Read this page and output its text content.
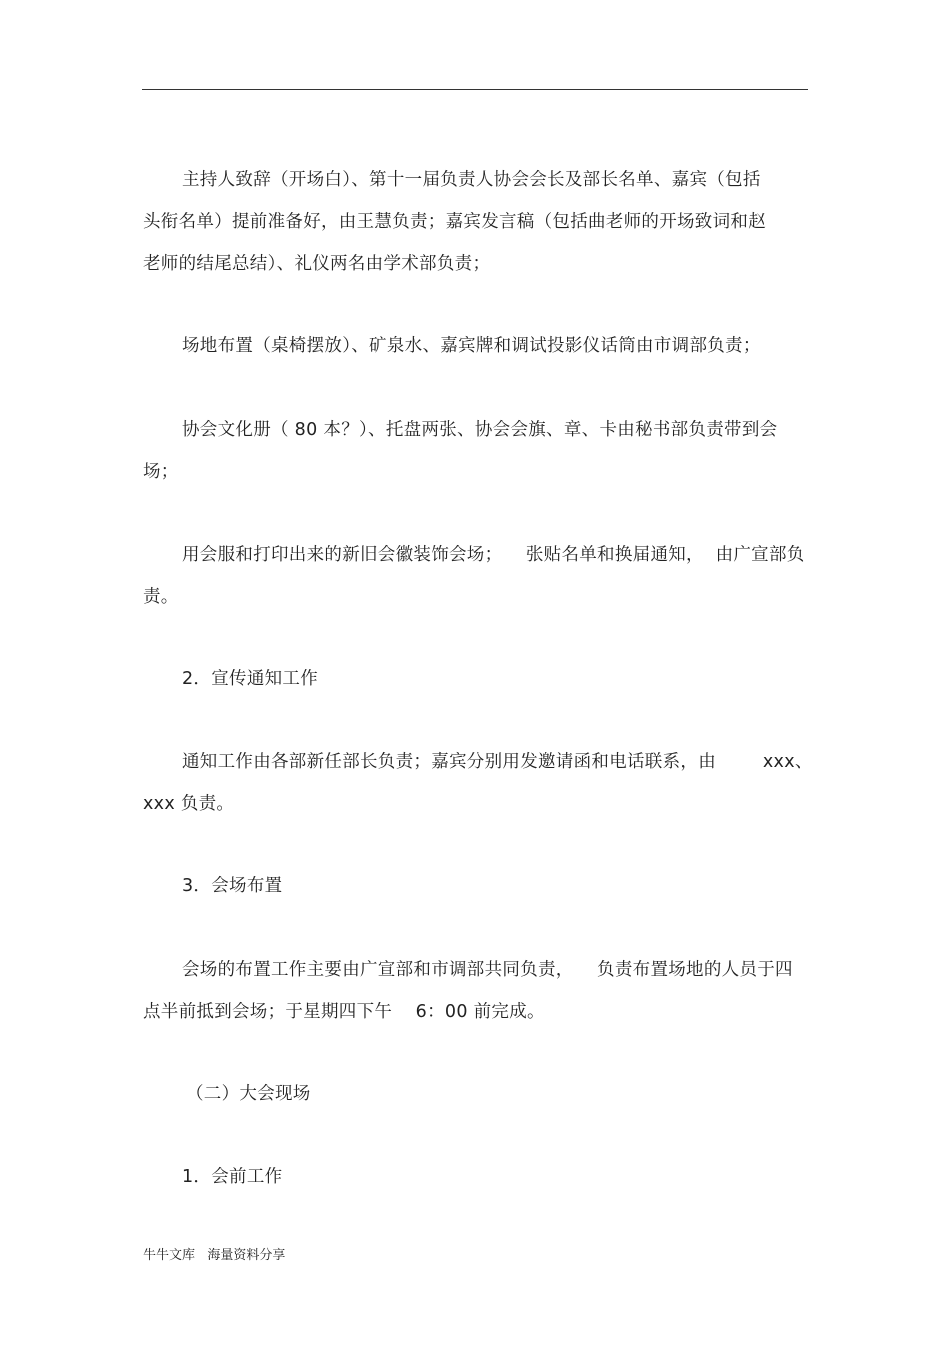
主持人致辞（开场白）、第十一届负责人协会会长及部长名单、嘉宾（包括
头衔名单）提前准备好，由王慧负责；嘉宾发言稿（包括曲老师的开场致词和赵
老师的结尾总结）、礼仪两名由学术部负责；
场地布置（桌椅摆放）、矿泉水、嘉宾牌和调试投影仪话筒由市调部负责；
协会文化册（ 80 本？）、托盘两张、协会会旗、章、卡由秘书部负责带到会
场；
用会服和打印出来的新旧会徽装饰会场；    张贴名单和换届通知，  由广宣部负
责。
2．宣传通知工作
通知工作由各部新任部长负责；嘉宾分别用发邀请函和电话联系，由        xxx、
xxx 负责。
3．会场布置
会场的布置工作主要由广宣部和市调部共同负责，    负责布置场地的人员于四
点半前抵到会场；于星期四下午    6：00 前完成。
（二）大会现场
1．会前工作
牛牛文库   海量资料分享
